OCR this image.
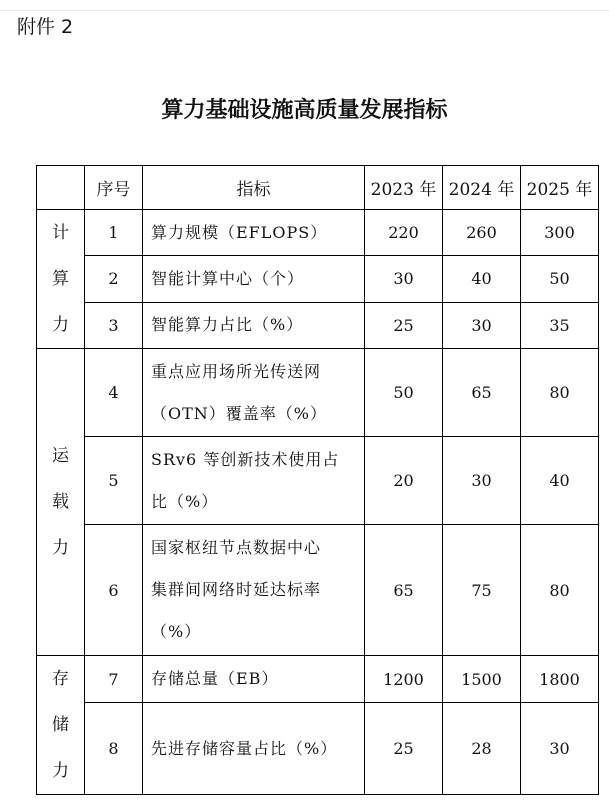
附件 2
算力基础设施高质量发展指标
	序号	指标	2023 年	2024 年	2025 年

计
算
力	1	算力规模（EFLOPS）	220	260	300
	2	智能计算中心（个）	30	40	50
	3	智能算力占比（%）	25	30	35

运
载
力	4	重点应用场所光传送网
（OTN）覆盖率（%）	50	65	80
	5	SRv6 等创新技术使用占
比（%）	20	30	40
	6	国家枢纽节点数据中心
集群间网络时延达标率
（%）	65	75	80

存
储
力	7	存储总量（EB）	1200	1500	1800
	8	先进存储容量占比（%）	25	28	30
